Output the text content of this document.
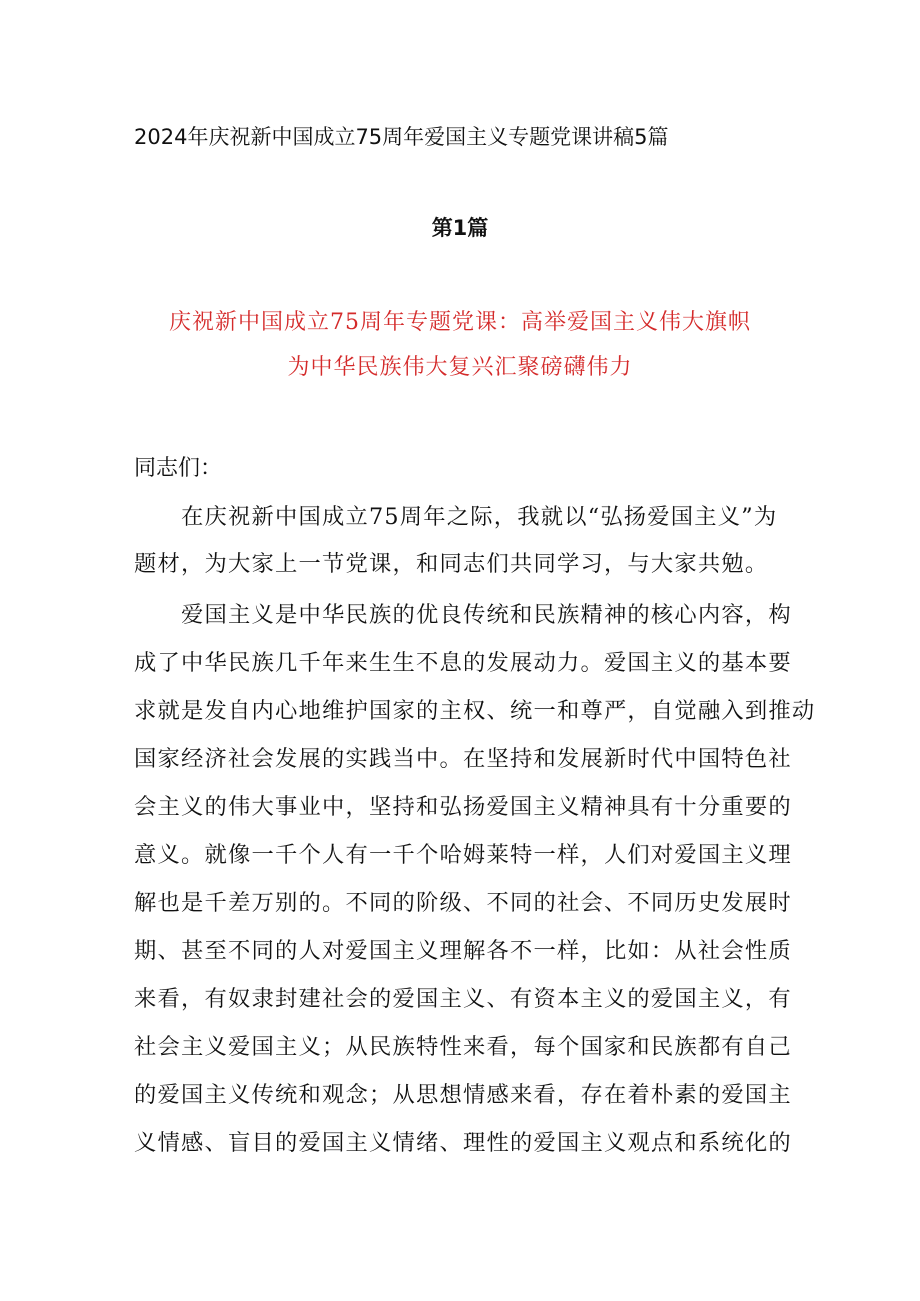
2024年庆祝新中国成立75周年爱国主义专题党课讲稿5篇
第1篇
庆祝新中国成立75周年专题党课：高举爱国主义伟大旗帜
为中华民族伟大复兴汇聚磅礴伟力
同志们：
　　在庆祝新中国成立75周年之际，我就以“弘扬爱国主义”为
题材，为大家上一节党课，和同志们共同学习，与大家共勉。
　　爱国主义是中华民族的优良传统和民族精神的核心内容，构
成了中华民族几千年来生生不息的发展动力。爱国主义的基本要
求就是发自内心地维护国家的主权、统一和尊严，自觉融入到推动
国家经济社会发展的实践当中。在坚持和发展新时代中国特色社
会主义的伟大事业中，坚持和弘扬爱国主义精神具有十分重要的
意义。就像一千个人有一千个哈姆莱特一样，人们对爱国主义理
解也是千差万别的。不同的阶级、不同的社会、不同历史发展时
期、甚至不同的人对爱国主义理解各不一样，比如：从社会性质
来看，有奴隶封建社会的爱国主义、有资本主义的爱国主义，有
社会主义爱国主义；从民族特性来看，每个国家和民族都有自己
的爱国主义传统和观念；从思想情感来看，存在着朴素的爱国主
义情感、盲目的爱国主义情绪、理性的爱国主义观点和系统化的
